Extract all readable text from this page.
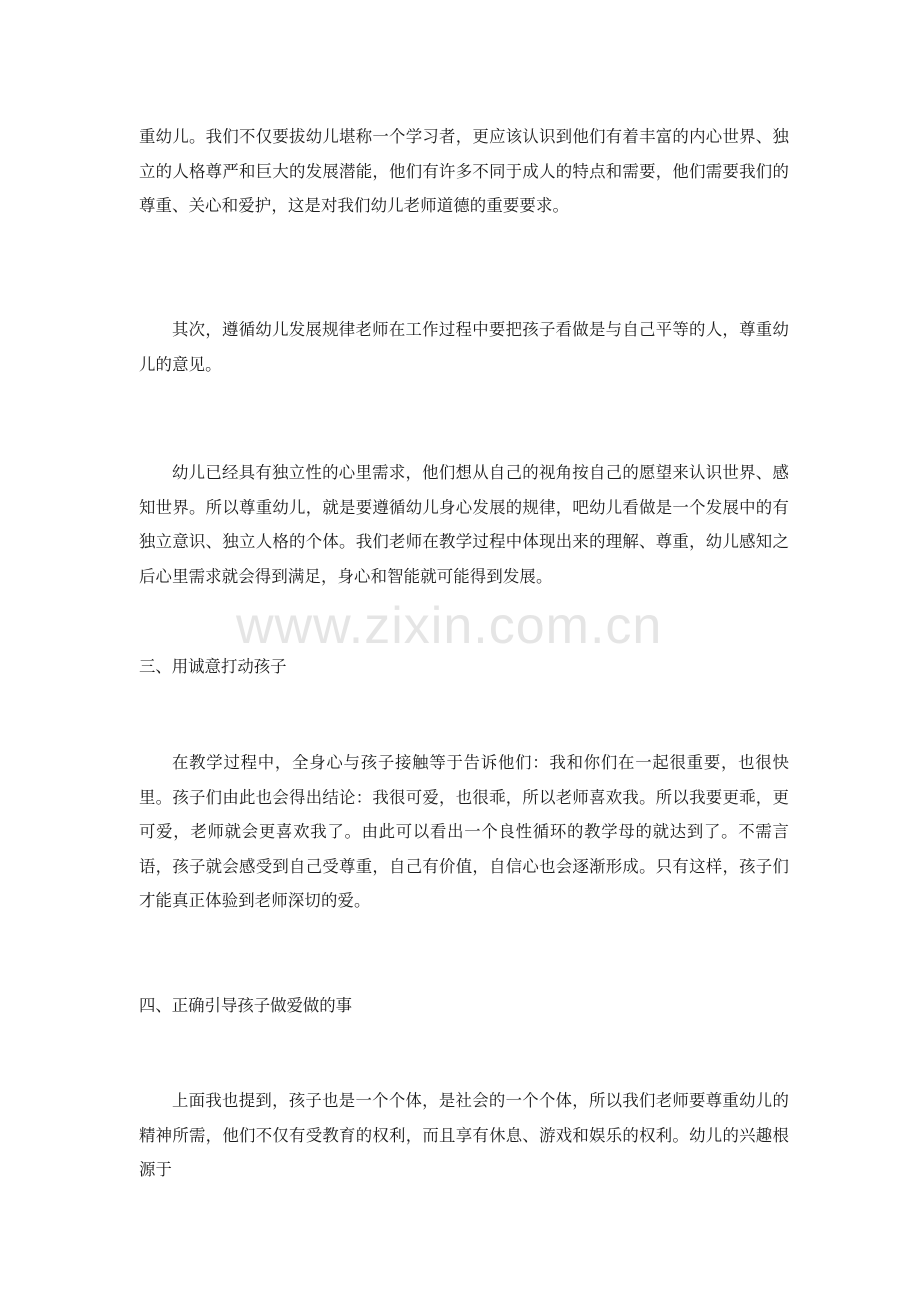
重幼儿。我们不仅要拔幼儿堪称一个学习者，更应该认识到他们有着丰富的内心世界、独立的人格尊严和巨大的发展潜能，他们有许多不同于成人的特点和需要，他们需要我们的尊重、关心和爱护，这是对我们幼儿老师道德的重要要求。

其次，遵循幼儿发展规律老师在工作过程中要把孩子看做是与自己平等的人，尊重幼儿的意见。

幼儿已经具有独立性的心里需求，他们想从自己的视角按自己的愿望来认识世界、感知世界。所以尊重幼儿，就是要遵循幼儿身心发展的规律，吧幼儿看做是一个发展中的有独立意识、独立人格的个体。我们老师在教学过程中体现出来的理解、尊重，幼儿感知之后心里需求就会得到满足，身心和智能就可能得到发展。

三、用诚意打动孩子

在教学过程中，全身心与孩子接触等于告诉他们：我和你们在一起很重要，也很快里。孩子们由此也会得出结论：我很可爱，也很乖，所以老师喜欢我。所以我要更乖，更可爱，老师就会更喜欢我了。由此可以看出一个良性循环的教学母的就达到了。不需言语，孩子就会感受到自己受尊重，自己有价值，自信心也会逐渐形成。只有这样，孩子们才能真正体验到老师深切的爱。

四、正确引导孩子做爱做的事

上面我也提到，孩子也是一个个体，是社会的一个个体，所以我们老师要尊重幼儿的精神所需，他们不仅有受教育的权利，而且享有休息、游戏和娱乐的权利。幼儿的兴趣根源于

www.zixin.com.cn
